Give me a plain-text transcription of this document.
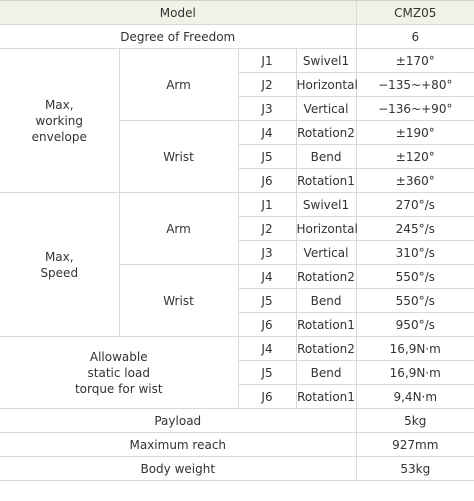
Model				CMZ05
Degree of Freedom				6
Max,
working
envelope	Arm	J1	Swivel1	±170°
		J2	Horizontal	−135~+80°
		J3	Vertical	−136~+90°
	Wrist	J4	Rotation2	±190°
		J5	Bend	±120°
		J6	Rotation1	±360°
Max,
Speed	Arm	J1	Swivel1	270°/s
		J2	Horizontal	245°/s
		J3	Vertical	310°/s
	Wrist	J4	Rotation2	550°/s
		J5	Bend	550°/s
		J6	Rotation1	950°/s
Allowable
static load
torque for wist		J4	Rotation2	16,9N·m
		J5	Bend	16,9N·m
		J6	Rotation1	9,4N·m
Payload				5kg
Maximum reach				927mm
Body weight				53kg
